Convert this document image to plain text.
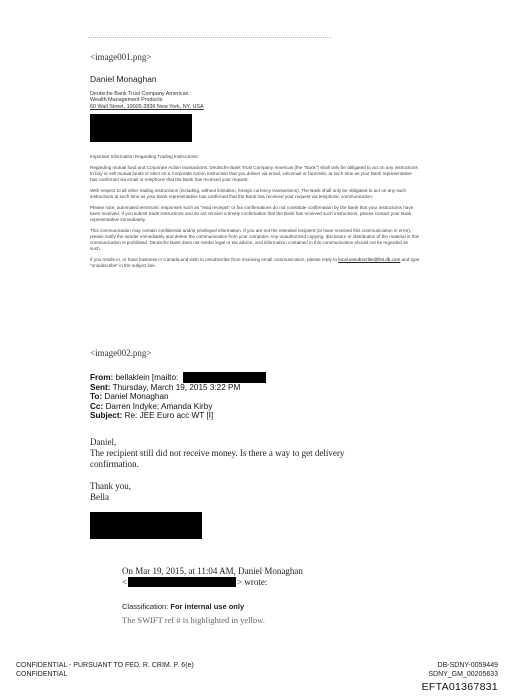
<image001.png>
Daniel Monaghan
Deutsche Bank Trust Company Americas
Wealth Management Products
60 Wall Street, 10005-2836 New York, NY, USA

Important Information Regarding Trading Instructions:

Regarding mutual fund and Corporate Action transactions: Deutsche Bank Trust Company Americas (the "Bank") shall only be obligated to act on any instructions to buy or sell mutual funds or elect on a Corporate Action instruction that you deliver via email, voicemail or facsimile, at such time as your Bank representative has confirmed via email or telephone that the Bank has received your request.

With respect to all other trading instructions (including, without limitation, foreign currency transactions), The Bank shall only be obligated to act on any such instructions at such time as your Bank representative has confirmed that the Bank has received your request via telephonic communication.

Please note, automated electronic responses such as "read receipts" or fax confirmations do not constitute confirmation by the Bank that your instructions have been received. If you submit trade instructions and do not receive a timely confirmation that the Bank has received such instructions, please contact your Bank representative immediately.

This communication may contain confidential and/or privileged information. If you are not the intended recipient (or have received this communication in error), please notify the sender immediately and delete the communication from your computer. Any unauthorized copying, disclosure or distribution of the material in this communication is prohibited. Deutsche Bank does not render legal or tax advice, and information contained in this communication should not be regarded as such.

If you reside in, or have business in Canada and wish to unsubscribe from receiving email communication, please reply to local.unsubscribe@list.db.com and type "unsubscribe" in the subject line.

<image002.png>
From: bellaklein [mailto:
Sent: Thursday, March 19, 2015 3:22 PM
To: Daniel Monaghan
Cc: Darren Indyke; Amanda Kirby
Subject: Re: JEE Euro acc WT [I]

Daniel,

The recipient still did not receive money. Is there a way to get delivery

confirmation.

Thank you,

Bella

On Mar 19, 2015, at 11:04 AM, Daniel Monaghan
<	> wrote:
Classification: For internal use only
The SWIFT ref # is highlighted in yellow.
CONFIDENTIAL - PURSUANT TO FED. R. CRIM. P. 6(e)
CONFIDENTIAL
DB-SDNY-0059449
SDNY_GM_00205633
EFTA01367831
